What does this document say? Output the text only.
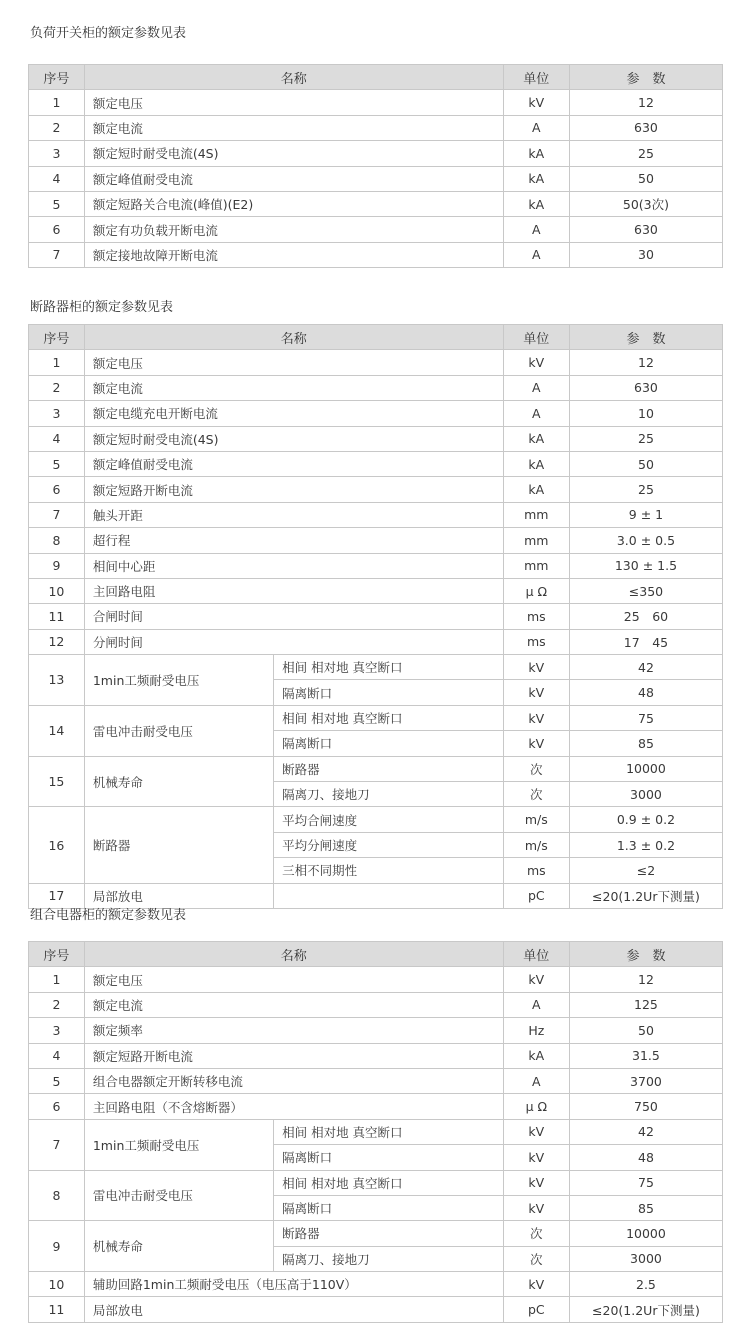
负荷开关柜的额定参数见表
序号	名称	单位	参　数
1	额定电压	kV	12
2	额定电流	A	630
3	额定短时耐受电流(4S)	kA	25
4	额定峰值耐受电流	kA	50
5	额定短路关合电流(峰值)(E2)	kA	50(3次)
6	额定有功负载开断电流	A	630
7	额定接地故障开断电流	A	30
断路器柜的额定参数见表
序号	名称		单位	参　数
1	额定电压		kV	12
2	额定电流		A	630
3	额定电缆充电开断电流		A	10
4	额定短时耐受电流(4S)		kA	25
5	额定峰值耐受电流		kA	50
6	额定短路开断电流		kA	25
7	触头开距		mm	9 ± 1
8	超行程		mm	3.0 ± 0.5
9	相间中心距		mm	130 ± 1.5
10	主回路电阻		μ Ω	≤350
11	合闸时间		ms	25　60
12	分闸时间		ms	17　45
13	1min工频耐受电压	相间 相对地 真空断口	kV	42
		隔离断口	kV	48
14	雷电冲击耐受电压	相间 相对地 真空断口	kV	75
		隔离断口	kV	85
15	机械寿命	断路器	次	10000
		隔离刀、接地刀	次	3000
16	断路器	平均合闸速度	m/s	0.9 ± 0.2
		平均分闸速度	m/s	1.3 ± 0.2
		三相不同期性	ms	≤2
17	局部放电		pC	≤20(1.2Ur下测量)
组合电器柜的额定参数见表
序号	名称		单位	参　数
1	额定电压		kV	12
2	额定电流		A	125
3	额定频率		Hz	50
4	额定短路开断电流		kA	31.5
5	组合电器额定开断转移电流		A	3700
6	主回路电阻（不含熔断器）		μ Ω	750
7	1min工频耐受电压	相间 相对地 真空断口	kV	42
		隔离断口	kV	48
8	雷电冲击耐受电压	相间 相对地 真空断口	kV	75
		隔离断口	kV	85
9	机械寿命	断路器	次	10000
		隔离刀、接地刀	次	3000
10	辅助回路1min工频耐受电压（电压高于110V）		kV	2.5
11	局部放电		pC	≤20(1.2Ur下测量)
